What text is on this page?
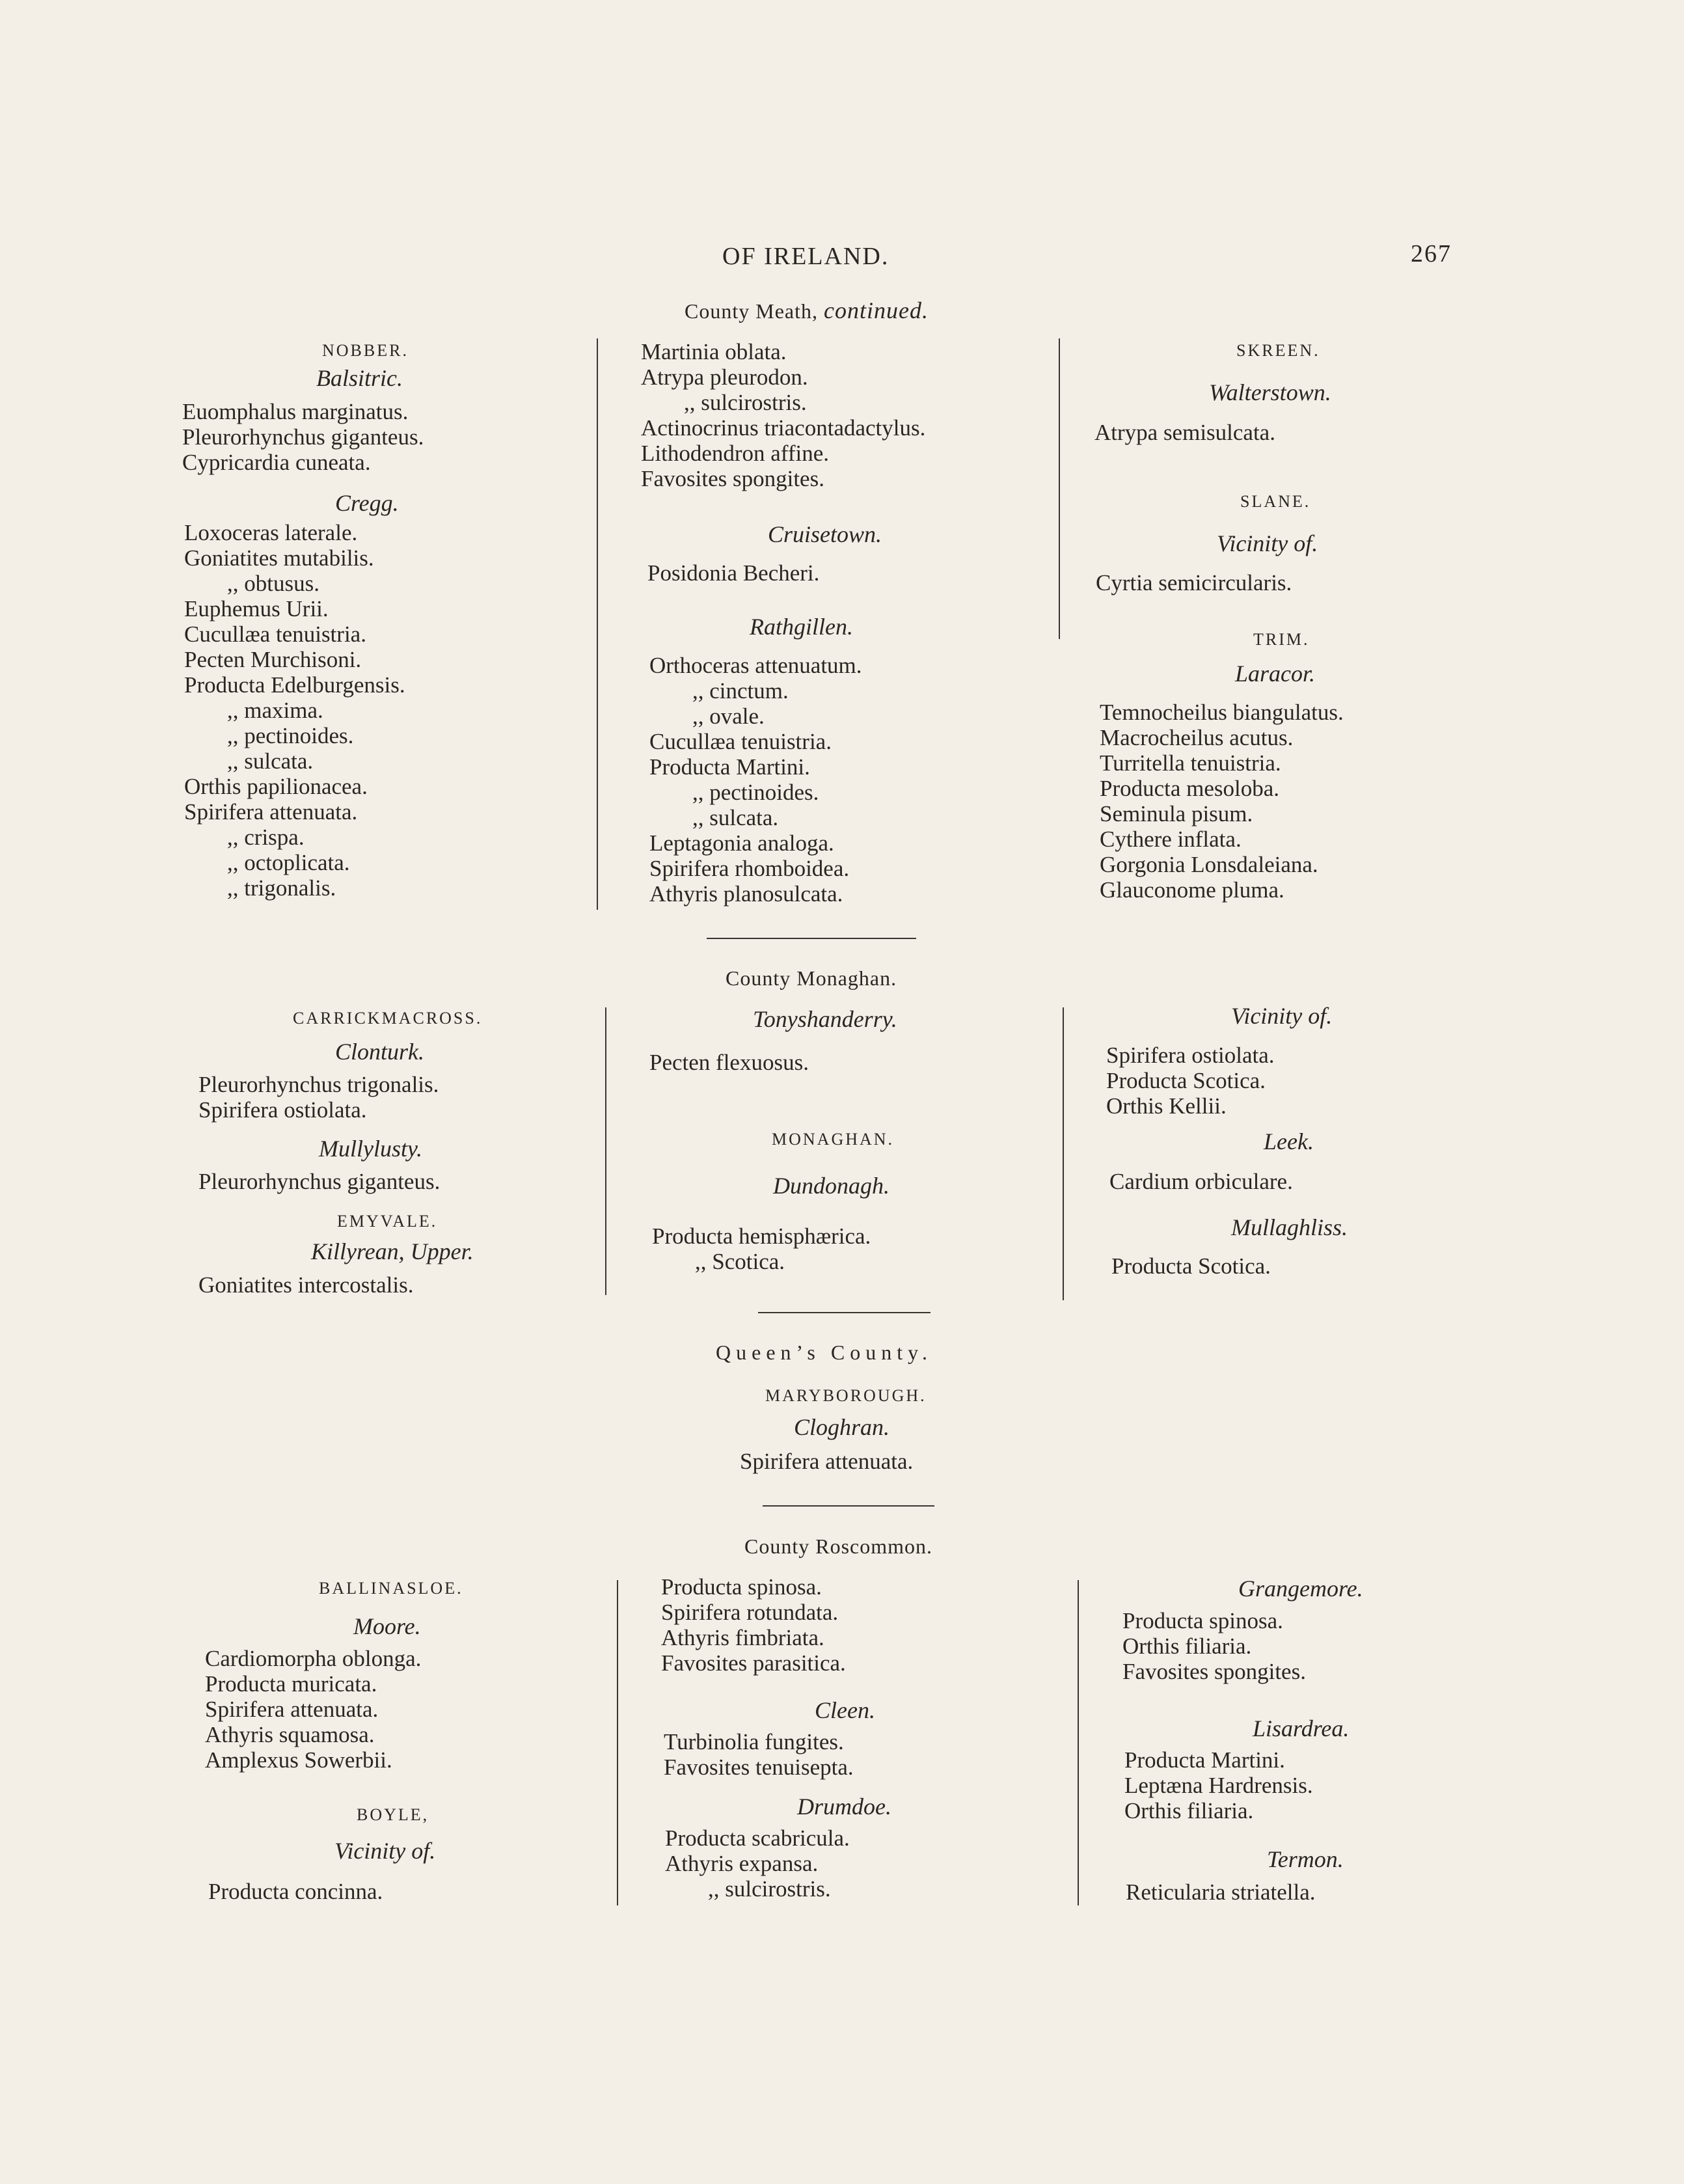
OF IRELAND.	267
County Meath, continued.
NOBBER.
Balsitric.
Euomphalus marginatus.
Pleurorhynchus giganteus.
Cypricardia cuneata.
Cregg.
Loxoceras laterale.
Goniatites mutabilis.
,, obtusus.
Euphemus Urii.
Cucullæa tenuistria.
Pecten Murchisoni.
Producta Edelburgensis.
,, maxima.
,, pectinoides.
,, sulcata.
Orthis papilionacea.
Spirifera attenuata.
,, crispa.
,, octoplicata.
,, trigonalis.
Martinia oblata.
Atrypa pleurodon.
,, sulcirostris.
Actinocrinus triacontadactylus.
Lithodendron affine.
Favosites spongites.
Cruisetown.
Posidonia Becheri.
Rathgillen.
Orthoceras attenuatum.
,, cinctum.
,, ovale.
Cucullæa tenuistria.
Producta Martini.
,, pectinoides.
,, sulcata.
Leptagonia analoga.
Spirifera rhomboidea.
Athyris planosulcata.
SKREEN.
Walterstown.
Atrypa semisulcata.
SLANE.
Vicinity of.
Cyrtia semicircularis.
TRIM.
Laracor.
Temnocheilus biangulatus.
Macrocheilus acutus.
Turritella tenuistria.
Producta mesoloba.
Seminula pisum.
Cythere inflata.
Gorgonia Lonsdaleiana.
Glauconome pluma.
County Monaghan.
CARRICKMACROSS.
Clonturk.
Pleurorhynchus trigonalis.
Spirifera ostiolata.
Mullylusty.
Pleurorhynchus giganteus.
EMYVALE.
Killyrean, Upper.
Goniatites intercostalis.
Tonyshanderry.
Pecten flexuosus.
MONAGHAN.
Dundonagh.
Producta hemisphærica.
,, Scotica.
Vicinity of.
Spirifera ostiolata.
Producta Scotica.
Orthis Kellii.
Leek.
Cardium orbiculare.
Mullaghliss.
Producta Scotica.
Queen’s County.
MARYBOROUGH.
Cloghran.
Spirifera attenuata.
County Roscommon.
BALLINASLOE.
Moore.
Cardiomorpha oblonga.
Producta muricata.
Spirifera attenuata.
Athyris squamosa.
Amplexus Sowerbii.
BOYLE,
Vicinity of.
Producta concinna.
Producta spinosa.
Spirifera rotundata.
Athyris fimbriata.
Favosites parasitica.
Cleen.
Turbinolia fungites.
Favosites tenuisepta.
Drumdoe.
Producta scabricula.
Athyris expansa.
,, sulcirostris.
Grangemore.
Producta spinosa.
Orthis filiaria.
Favosites spongites.
Lisardrea.
Producta Martini.
Leptæna Hardrensis.
Orthis filiaria.
Termon.
Reticularia striatella.
